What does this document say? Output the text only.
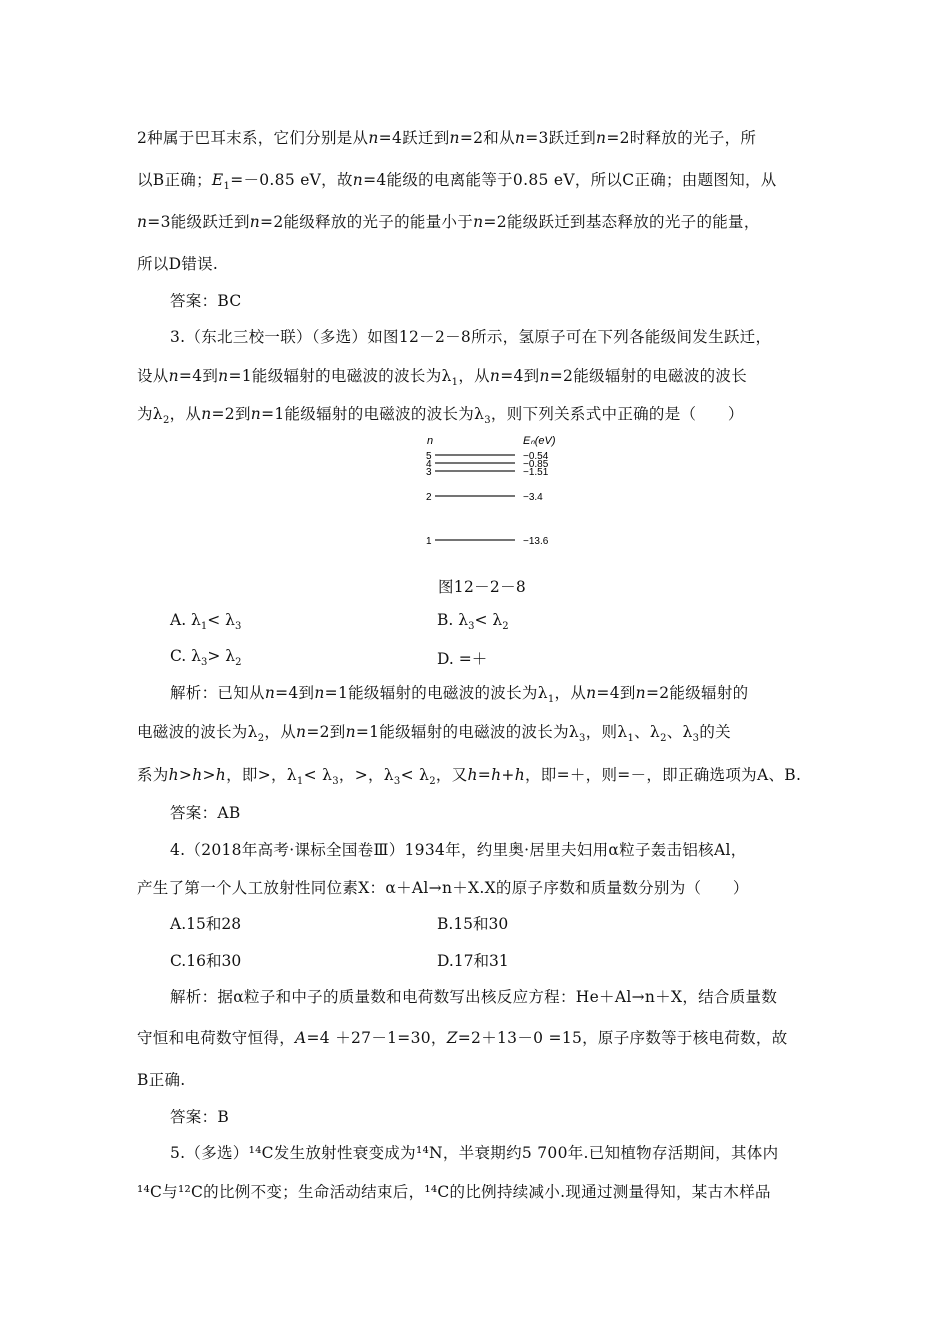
2种属于巴耳末系，它们分别是从n=4跃迁到n=2和从n=3跃迁到n=2时释放的光子，所
以B正确；$E_1=-0.85$ eV，故n=4能级的电离能等于0.85 eV，所以C正确；由题图知，从
n=3能级跃迁到n=2能级释放的光子的能量小于n=2能级跃迁到基态释放的光子的能量，
所以D错误.
答案：BC
3.（东北三校一联）（多选）如图12－2－8所示，氢原子可在下列各能级间发生跃迁，
设从n=4到n=1能级辐射的电磁波的波长为$\lambda_1$，从n=4到n=2能级辐射的电磁波的波长
为$\lambda_2$，从n=2到n=1能级辐射的电磁波的波长为$\lambda_3$，则下列关系式中正确的是（　　）
n	Eₙ(eV)
5	−0.54
4	−0.85
3	−1.51
2	−3.4
1	−13.6
图12－2－8
A. $\lambda_1< \lambda_3$	B. $\lambda_3< \lambda_2$
C. $\lambda_3> \lambda_2$	D. =＋
解析：已知从n=4到n=1能级辐射的电磁波的波长为$\lambda_1$，从n=4到n=2能级辐射的
电磁波的波长为$\lambda_2$，从n=2到n=1能级辐射的电磁波的波长为$\lambda_3$，则$\lambda_1$、$\lambda_2$、$\lambda_3$的关
系为h>h>h，即>，$\lambda_1< \lambda_3$，>，$\lambda_3< \lambda_2$，又h=h+h，即=＋，则=－，即正确选项为A、B.
答案：AB
4.（2018年高考·课标全国卷Ⅲ）1934年，约里奥·居里夫妇用α粒子轰击铝核Al，
产生了第一个人工放射性同位素X：α＋Al→n＋X.X的原子序数和质量数分别为（　　）
A.15和28	B.15和30
C.16和30	D.17和31
解析：据α粒子和中子的质量数和电荷数写出核反应方程：He＋Al→n＋X，结合质量数
守恒和电荷数守恒得，A=4 ＋27－1=30，Z=2＋13－0 =15，原子序数等于核电荷数，故
B正确.
答案：B
5.（多选）¹⁴C发生放射性衰变成为¹⁴N，半衰期约5 700年.已知植物存活期间，其体内
¹⁴C与¹²C的比例不变；生命活动结束后，¹⁴C的比例持续减小.现通过测量得知，某古木样品
